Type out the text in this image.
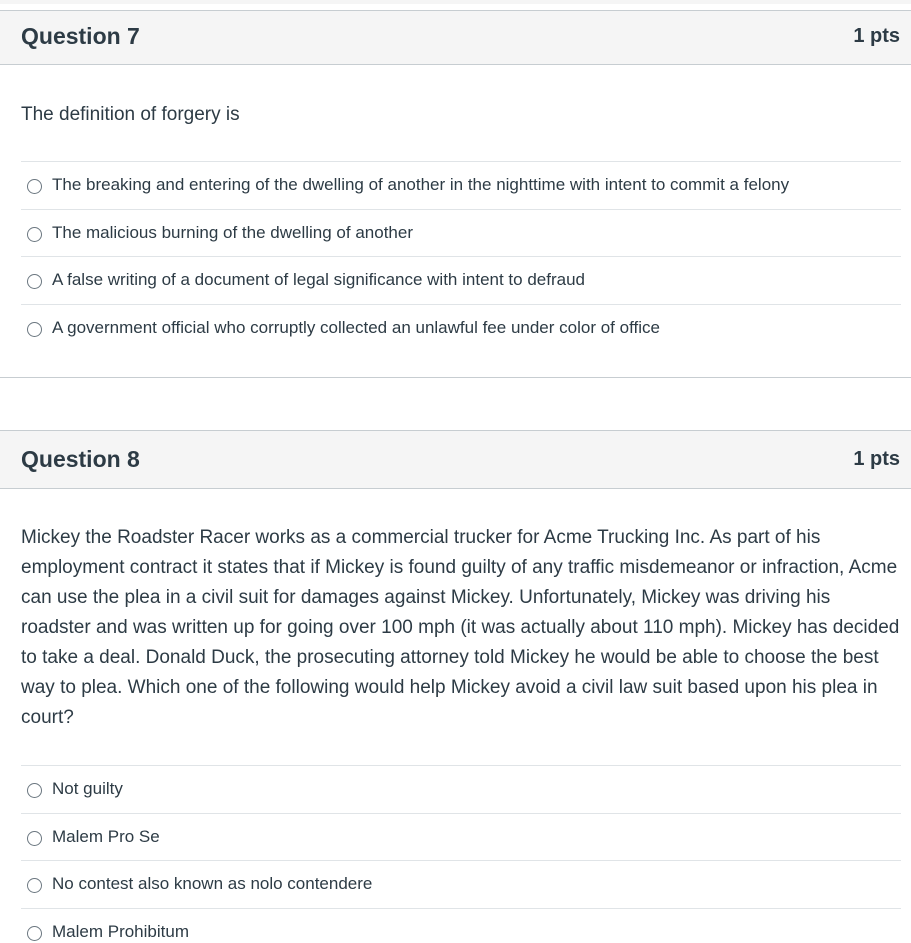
Question 7	1 pts
The definition of forgery is
The breaking and entering of the dwelling of another in the nighttime with intent to commit a felony
The malicious burning of the dwelling of another
A false writing of a document of legal significance with intent to defraud
A government official who corruptly collected an unlawful fee under color of office
Question 8	1 pts
Mickey the Roadster Racer works as a commercial trucker for Acme Trucking Inc. As part of his employment contract it states that if Mickey is found guilty of any traffic misdemeanor or infraction, Acme can use the plea in a civil suit for damages against Mickey. Unfortunately, Mickey was driving his roadster and was written up for going over 100 mph (it was actually about 110 mph). Mickey has decided to take a deal. Donald Duck, the prosecuting attorney told Mickey he would be able to choose the best way to plea. Which one of the following would help Mickey avoid a civil law suit based upon his plea in court?
Not guilty
Malem Pro Se
No contest also known as nolo contendere
Malem Prohibitum
